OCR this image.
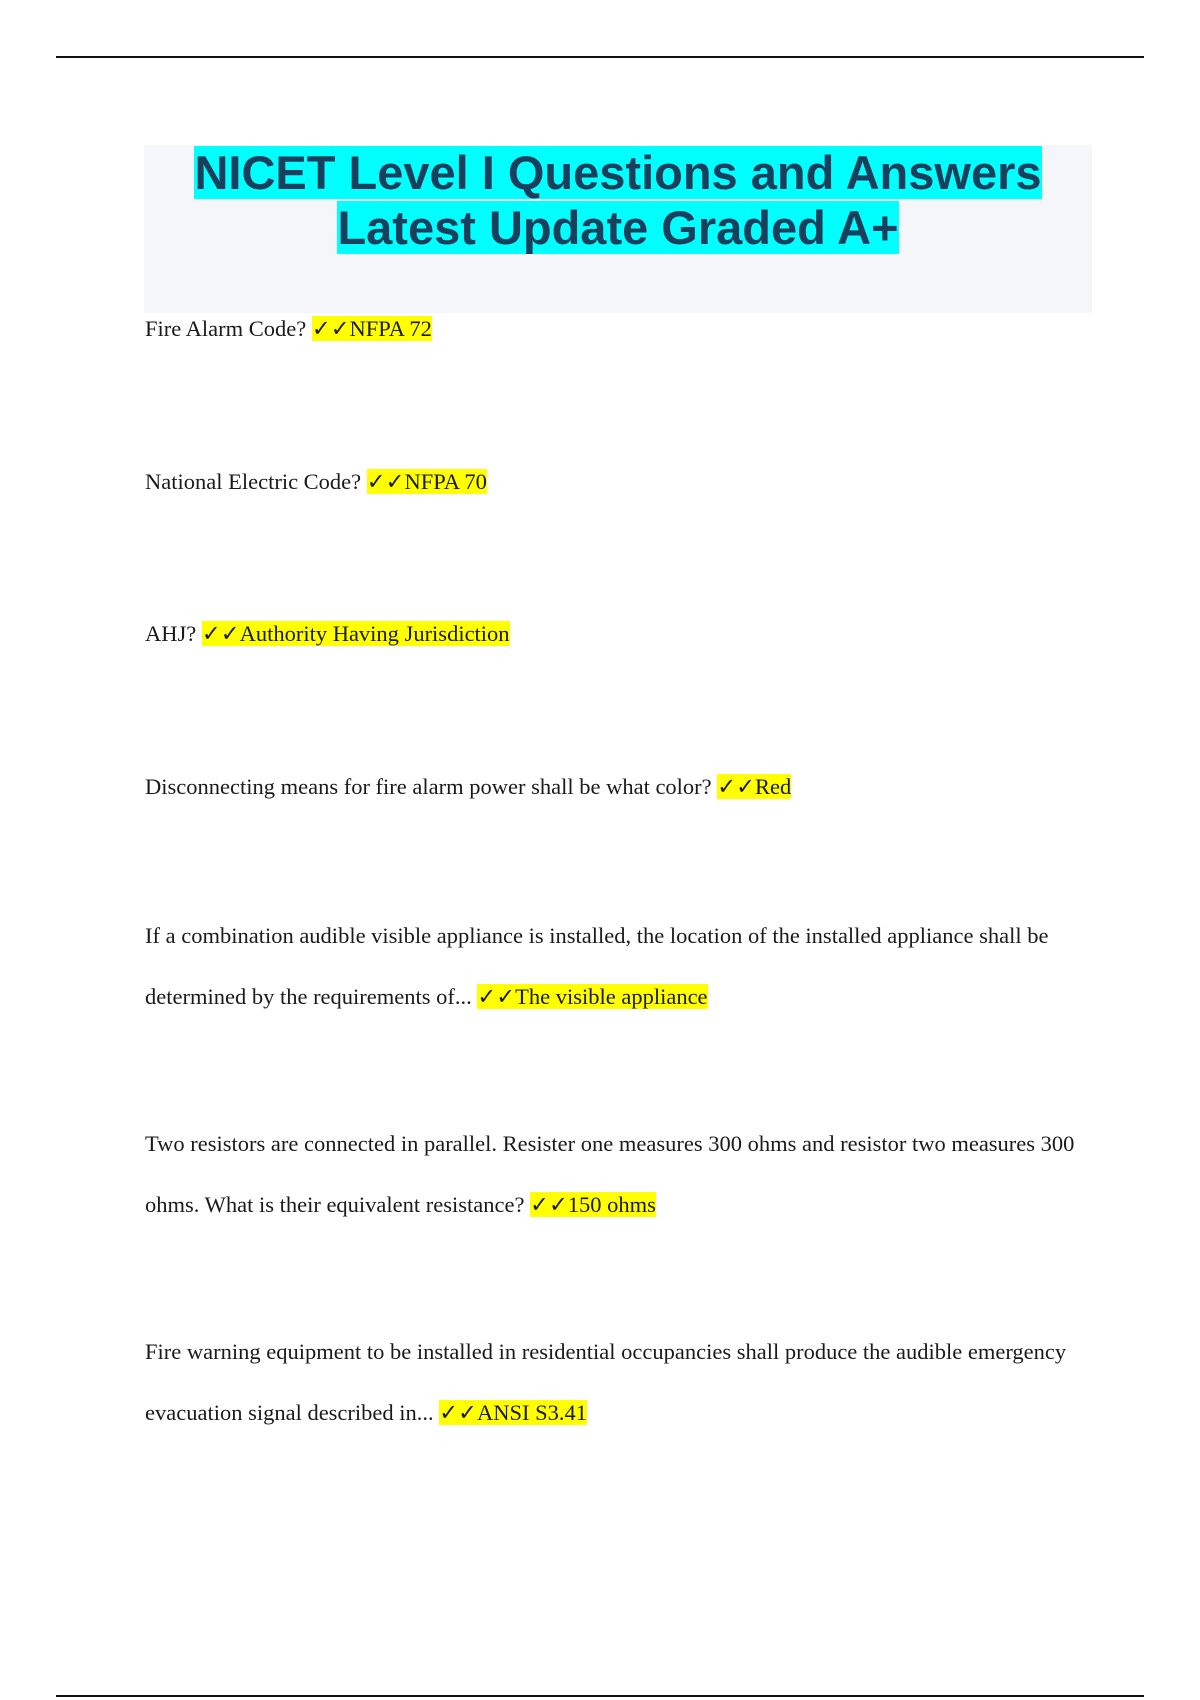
NICET Level I Questions and Answers
Latest Update Graded A+

Fire Alarm Code? ✓✓NFPA 72

National Electric Code? ✓✓NFPA 70

AHJ? ✓✓Authority Having Jurisdiction

Disconnecting means for fire alarm power shall be what color? ✓✓Red

If a combination audible visible appliance is installed, the location of the installed appliance shall be determined by the requirements of... ✓✓The visible appliance

Two resistors are connected in parallel. Resister one measures 300 ohms and resistor two measures 300 ohms. What is their equivalent resistance? ✓✓150 ohms

Fire warning equipment to be installed in residential occupancies shall produce the audible emergency evacuation signal described in... ✓✓ANSI S3.41
